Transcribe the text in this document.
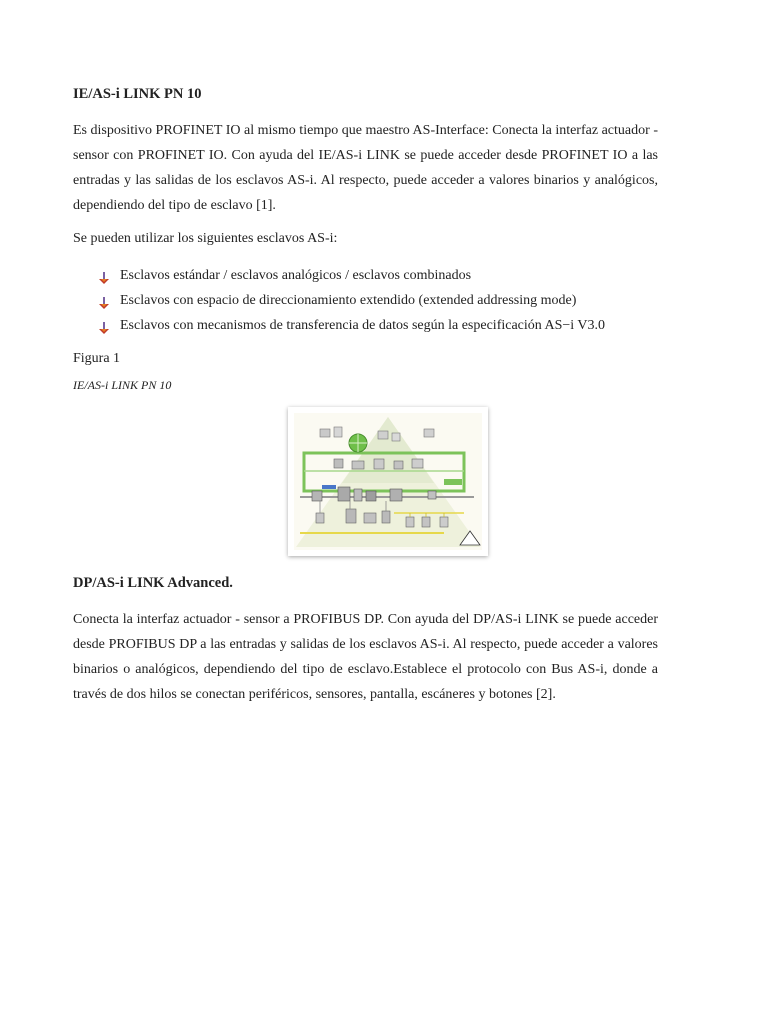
IE/AS-i LINK PN 10

Es dispositivo PROFINET IO al mismo tiempo que maestro AS-Interface: Conecta la interfaz actuador - sensor con PROFINET IO. Con ayuda del IE/AS-i LINK se puede acceder desde PROFINET IO a las entradas y las salidas de los esclavos AS-i. Al respecto, puede acceder a valores binarios y analógicos, dependiendo del tipo de esclavo [1].

Se pueden utilizar los siguientes esclavos AS-i:
Esclavos estándar / esclavos analógicos / esclavos combinados
Esclavos con espacio de direccionamiento extendido (extended addressing mode)
Esclavos con mecanismos de transferencia de datos según la especificación AS−i V3.0
Figura 1
IE/AS-i LINK PN 10
DP/AS-i LINK Advanced.

Conecta la interfaz actuador - sensor a PROFIBUS DP. Con ayuda del DP/AS-i LINK se puede acceder desde PROFIBUS DP a las entradas y salidas de los esclavos AS-i. Al respecto, puede acceder a valores binarios o analógicos, dependiendo del tipo de esclavo.Establece el protocolo con Bus AS-i, donde a través de dos hilos se conectan periféricos, sensores, pantalla, escáneres y botones [2].
